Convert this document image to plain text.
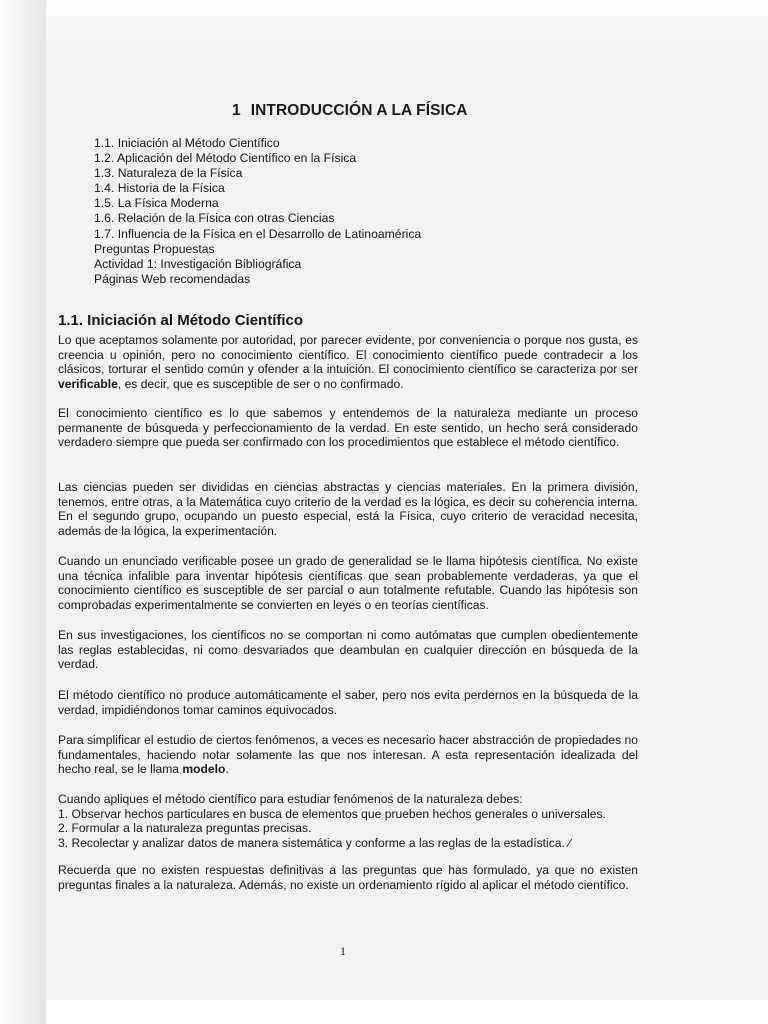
1 INTRODUCCIÓN A LA FÍSICA
1.1. Iniciación al Método Científico
1.2. Aplicación del Método Científico en la Física
1.3. Naturaleza de la Física
1.4. Historia de la Física
1.5. La Física Moderna
1.6. Relación de la Física con otras Ciencias
1.7. Influencia de la Física en el Desarrollo de Latinoamérica
Preguntas Propuestas
Actividad 1: Investigación Bibliográfica
Páginas Web recomendadas
1.1. Iniciación al Método Científico

Lo que aceptamos solamente por autoridad, por parecer evidente, por conveniencia o porque nos gusta, es creencia u opinión, pero no conocimiento científico. El conocimiento científico puede contradecir a los clásicos, torturar el sentido común y ofender a la intuición. El conocimiento científico se caracteriza por ser verificable, es decir, que es susceptible de ser o no confirmado.

El conocimiento científico es lo que sabemos y entendemos de la naturaleza mediante un proceso permanente de búsqueda y perfeccionamiento de la verdad. En este sentido, un hecho será considerado verdadero siempre que pueda ser confirmado con los procedimientos que establece el método científico.

Las ciencias pueden ser divididas en ciencias abstractas y ciencias materiales. En la primera división, tenemos, entre otras, a la Matemática cuyo criterio de la verdad es la lógica, es decir su coherencia interna. En el segundo grupo, ocupando un puesto especial, está la Física, cuyo criterio de veracidad necesita, además de la lógica, la experimentación.

Cuando un enunciado verificable posee un grado de generalidad se le llama hipótesis científica. No existe una técnica infalible para inventar hipótesis científicas que sean probablemente verdaderas, ya que el conocimiento científico es susceptible de ser parcial o aun totalmente refutable. Cuando las hipótesis son comprobadas experimentalmente se convierten en leyes o en teorías científicas.

En sus investigaciones, los científicos no se comportan ni como autómatas que cumplen obedientemente las reglas establecidas, ni como desvariados que deambulan en cualquier dirección en búsqueda de la verdad.

El método científico no produce automáticamente el saber, pero nos evita perdernos en la búsqueda de la verdad, impidiéndonos tomar caminos equivocados.

Para simplificar el estudio de ciertos fenómenos, a veces es necesario hacer abstracción de propiedades no fundamentales, haciendo notar solamente las que nos interesan. A esta representación idealizada del hecho real, se le llama modelo.

Cuando apliques el método científico para estudiar fenómenos de la naturaleza debes:
1. Observar hechos particulares en busca de elementos que prueben hechos generales o universales.
2. Formular a la naturaleza preguntas precisas.
3. Recolectar y analizar datos de manera sistemática y conforme a las reglas de la estadística. ⁄

Recuerda que no existen respuestas definitivas a las preguntas que has formulado, ya que no existen preguntas finales a la naturaleza. Además, no existe un ordenamiento rígido al aplicar el método científico.

1
